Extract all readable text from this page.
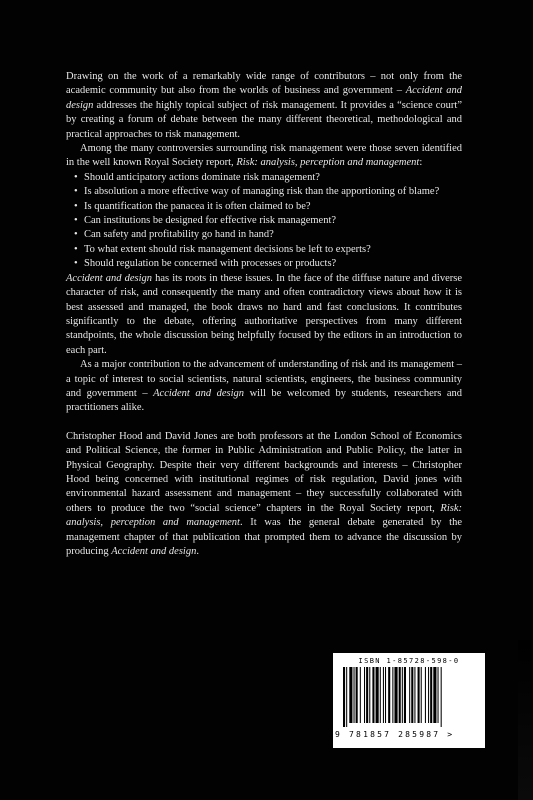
Drawing on the work of a remarkably wide range of contributors – not only from the academic community but also from the worlds of business and government – Accident and design addresses the highly topical subject of risk management. It provides a “science court” by creating a forum of debate between the many different theoretical, methodological and practical approaches to risk management.

Among the many controversies surrounding risk management were those seven identified in the well known Royal Society report, Risk: analysis, perception and management:

• Should anticipatory actions dominate risk management?
• Is absolution a more effective way of managing risk than the apportioning of blame?
• Is quantification the panacea it is often claimed to be?
• Can institutions be designed for effective risk management?
• Can safety and profitability go hand in hand?
• To what extent should risk management decisions be left to experts?
• Should regulation be concerned with processes or products?

Accident and design has its roots in these issues. In the face of the diffuse nature and diverse character of risk, and consequently the many and often contradictory views about how it is best assessed and managed, the book draws no hard and fast conclusions. It contributes significantly to the debate, offering authoritative perspectives from many different standpoints, the whole discussion being helpfully focused by the editors in an introduction to each part.

As a major contribution to the advancement of understanding of risk and its management – a topic of interest to social scientists, natural scientists, engineers, the business community and government – Accident and design will be welcomed by students, researchers and practitioners alike.

Christopher Hood and David Jones are both professors at the London School of Economics and Political Science, the former in Public Administration and Public Policy, the latter in Physical Geography. Despite their very different backgrounds and interests – Christopher Hood being concerned with institutional regimes of risk regulation, David jones with environmental hazard assessment and management – they successfully collaborated with others to produce the two “social science” chapters in the Royal Society report, Risk: analysis, perception and management. It was the general debate generated by the management chapter of that publication that prompted them to advance the discussion by producing Accident and design.

ISBN 1-85728-598-0
9 781857 285987 >
